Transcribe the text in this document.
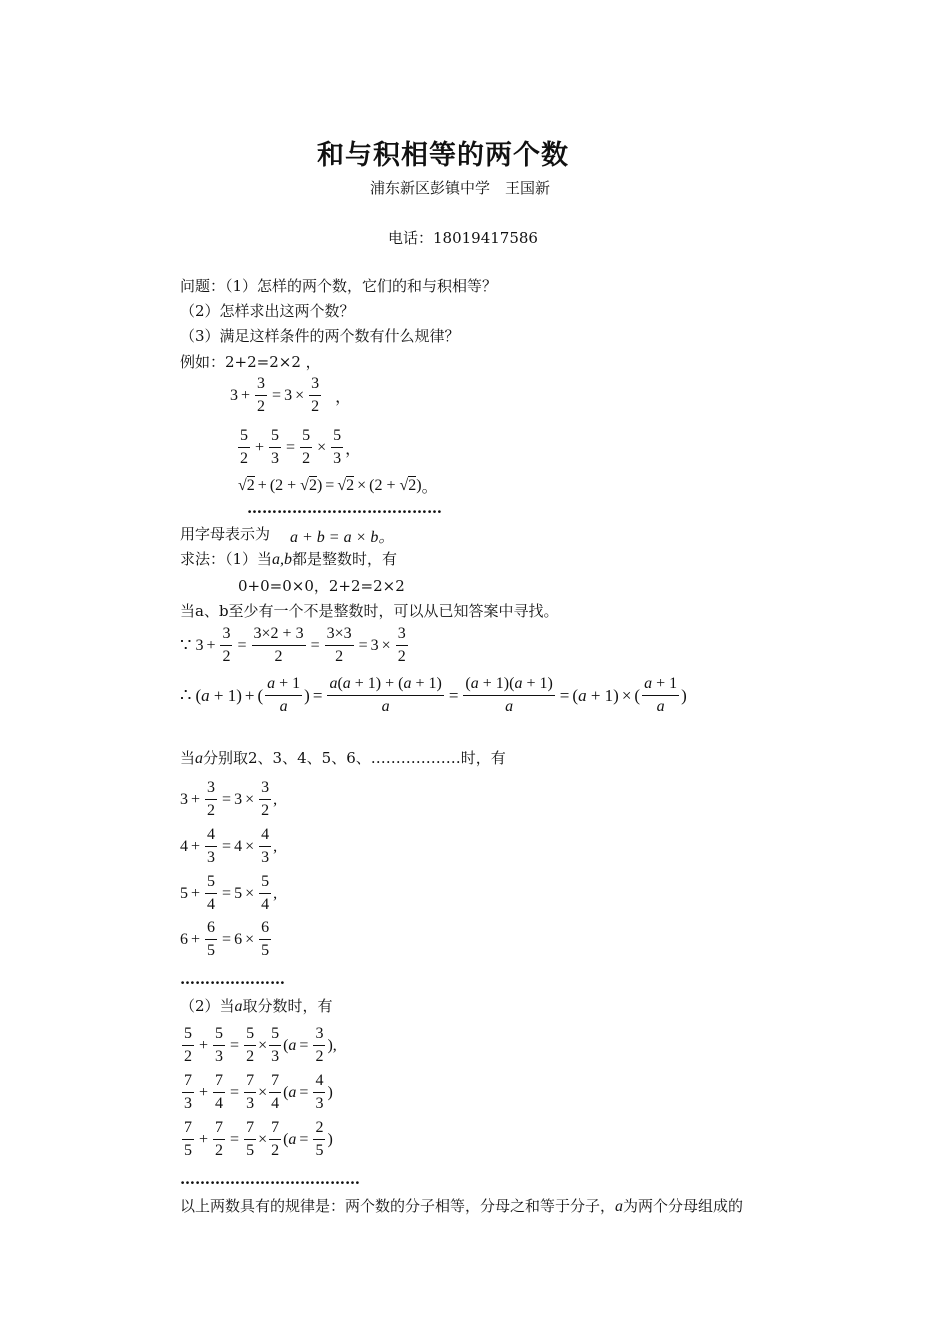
和与积相等的两个数
浦东新区彭镇中学　王国新
电话：18019417586
问题：（1）怎样的两个数，它们的和与积相等？
（2）怎样求出这两个数？
（3）满足这样条件的两个数有什么规律？
例如：2+2=2×2 ，
$3 + \frac{3}{2} = 3 \times \frac{3}{2}$ ，
$\frac{5}{2} + \frac{5}{3} = \frac{5}{2} \times \frac{5}{3}$ ，
√2 + (2 + √2) = √2 × (2 + √2) 。
…………………………………
用字母表示为 a + b = a × b。
求法：（1）当a,b都是整数时，有
0+0=0×0，2+2=2×2
当a、b至少有一个不是整数时，可以从已知答案中寻找。
∵ $3 + \frac{3}{2} = \frac{3\times 2 + 3}{2} = \frac{3\times 3}{2} = 3 \times \frac{3}{2}$
∴ (a + 1) + ( $\frac{a + 1}{a}$ ) = $\frac{a(a + 1) + (a + 1)}{a} = \frac{(a + 1)(a + 1)}{a} = (a + 1)$ × ( $\frac{a + 1}{a}$ )
当a分别取2、3、4、5、6、………………时，有
$3 + \frac{3}{2} = 3 \times \frac{3}{2}$ ,
$4 + \frac{4}{3} = 4 \times \frac{4}{3}$ ,
$5 + \frac{5}{4} = 5 \times \frac{5}{4}$ ,
$6 + \frac{6}{5} = 6 \times \frac{6}{5}$
…………………
（2）当a取分数时，有
$\frac{5}{2} + \frac{5}{3} = \frac{5}{2} \times \frac{5}{3} (a = \frac{3}{2}$ ),
$\frac{7}{3} + \frac{7}{4} = \frac{7}{3} \times \frac{7}{4} (a = \frac{4}{3}$ )
$\frac{7}{5} + \frac{7}{2} = \frac{7}{5} \times \frac{7}{2} (a = \frac{2}{5}$ )
………………………………
以上两数具有的规律是：两个数的分子相等，分母之和等于分子，a为两个分母组成的
